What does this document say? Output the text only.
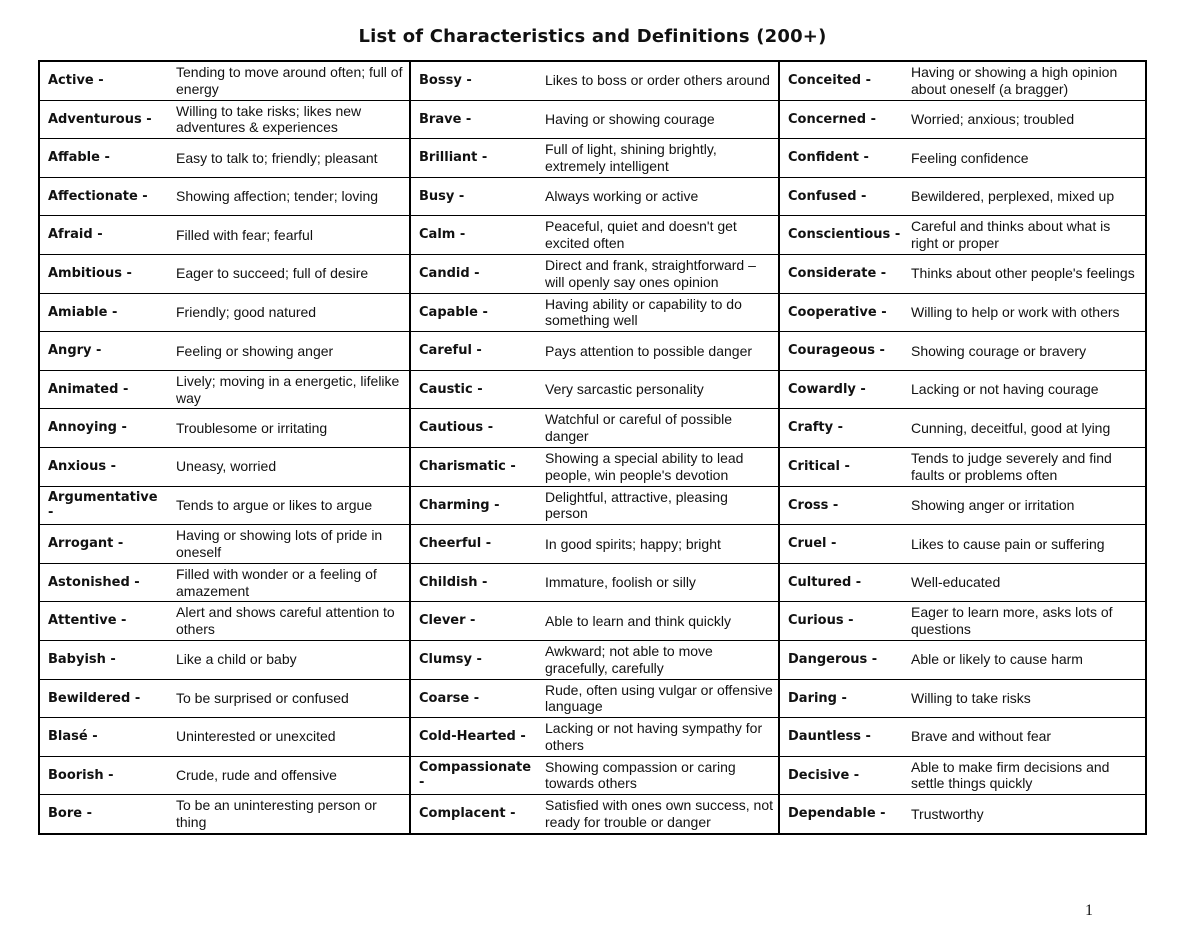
List of Characteristics and Definitions (200+)
Active -	Tending to move around often; full of energy	Bossy -	Likes to boss or order others around	Conceited -	Having or showing a high opinion about oneself (a bragger)
Adventurous -	Willing to take risks; likes new adventures & experiences	Brave -	Having or showing courage	Concerned -	Worried; anxious; troubled
Affable -	Easy to talk to; friendly; pleasant	Brilliant -	Full of light, shining brightly, extremely intelligent	Confident -	Feeling confidence
Affectionate -	Showing affection; tender; loving	Busy -	Always working or active	Confused -	Bewildered, perplexed, mixed up
Afraid -	Filled with fear; fearful	Calm -	Peaceful, quiet and doesn't get excited often	Conscientious -	Careful and thinks about what is right or proper
Ambitious -	Eager to succeed; full of desire	Candid -	Direct and frank, straightforward – will openly say ones opinion	Considerate -	Thinks about other people's feelings
Amiable -	Friendly; good natured	Capable -	Having ability or capability to do something well	Cooperative -	Willing to help or work with others
Angry -	Feeling or showing anger	Careful -	Pays attention to possible danger	Courageous -	Showing courage or bravery
Animated -	Lively; moving in a energetic, lifelike way	Caustic -	Very sarcastic personality	Cowardly -	Lacking or not having courage
Annoying -	Troublesome or irritating	Cautious -	Watchful or careful of possible danger	Crafty -	Cunning, deceitful, good at lying
Anxious -	Uneasy, worried	Charismatic -	Showing a special ability to lead people, win people's devotion	Critical -	Tends to judge severely and find faults or problems often
Argumentative -	Tends to argue or likes to argue	Charming -	Delightful, attractive, pleasing person	Cross -	Showing anger or irritation
Arrogant -	Having or showing lots of pride in oneself	Cheerful -	In good spirits; happy; bright	Cruel -	Likes to cause pain or suffering
Astonished -	Filled with wonder or a feeling of amazement	Childish -	Immature, foolish or silly	Cultured -	Well-educated
Attentive -	Alert and shows careful attention to others	Clever -	Able to learn and think quickly	Curious -	Eager to learn more, asks lots of questions
Babyish -	Like a child or baby	Clumsy -	Awkward; not able to move gracefully, carefully	Dangerous -	Able or likely to cause harm
Bewildered -	To be surprised or confused	Coarse -	Rude, often using vulgar or offensive language	Daring -	Willing to take risks
Blasé -	Uninterested or unexcited	Cold-Hearted -	Lacking or not having sympathy for others	Dauntless -	Brave and without fear
Boorish -	Crude, rude and offensive	Compassionate -	Showing compassion or caring towards others	Decisive -	Able to make firm decisions and settle things quickly
Bore -	To be an uninteresting person or thing	Complacent -	Satisfied with ones own success, not ready for trouble or danger	Dependable -	Trustworthy
1
